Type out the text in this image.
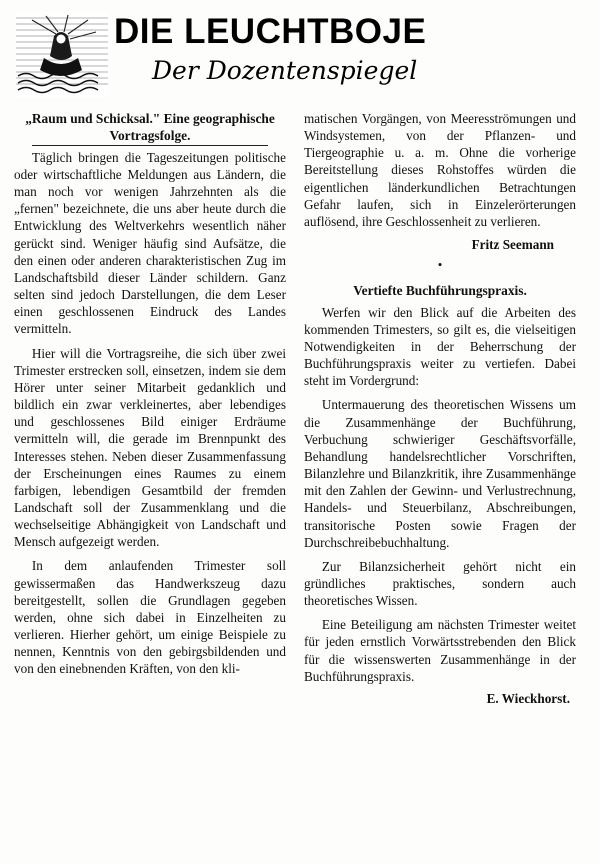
DIE LEUCHTBOJE
Der Dozentenspiegel
„Raum und Schicksal." Eine geographische Vortragsfolge.

Täglich bringen die Tageszeitungen politische oder wirtschaftliche Meldungen aus Ländern, die man noch vor wenigen Jahrzehnten als die „fernen" bezeichnete, die uns aber heute durch die Entwicklung des Weltverkehrs wesentlich näher gerückt sind. Weniger häufig sind Aufsätze, die den einen oder anderen charakteristischen Zug im Landschaftsbild dieser Länder schildern. Ganz selten sind jedoch Darstellungen, die dem Leser einen geschlossenen Eindruck des Landes vermitteln.

Hier will die Vortragsreihe, die sich über zwei Trimester erstrecken soll, einsetzen, indem sie dem Hörer unter seiner Mitarbeit gedanklich und bildlich ein zwar verkleinertes, aber lebendiges und geschlossenes Bild einiger Erdräume vermitteln will, die gerade im Brennpunkt des Interesses stehen. Neben dieser Zusammenfassung der Erscheinungen eines Raumes zu einem farbigen, lebendigen Gesamtbild der fremden Landschaft soll der Zusammenklang und die wechselseitige Abhängigkeit von Landschaft und Mensch aufgezeigt werden.

In dem anlaufenden Trimester soll gewissermaßen das Handwerkszeug dazu bereitgestellt, sollen die Grundlagen gegeben werden, ohne sich dabei in Einzelheiten zu verlieren. Hierher gehört, um einige Beispiele zu nennen, Kenntnis von den gebirgsbildenden und von den einebnenden Kräften, von den kli-

matischen Vorgängen, von Meeresströmungen und Windsystemen, von der Pflanzen- und Tiergeographie u. a. m. Ohne die vorherige Bereitstellung dieses Rohstoffes würden die eigentlichen länderkundlichen Betrachtungen Gefahr laufen, sich in Einzelerörterungen auflösend, ihre Geschlossenheit zu verlieren.

Fritz Seemann

•
Vertiefte Buchführungspraxis.

Werfen wir den Blick auf die Arbeiten des kommenden Trimesters, so gilt es, die vielseitigen Notwendigkeiten in der Beherrschung der Buchführungspraxis weiter zu vertiefen. Dabei steht im Vordergrund:

Untermauerung des theoretischen Wissens um die Zusammenhänge der Buchführung, Verbuchung schwieriger Geschäftsvorfälle, Behandlung handelsrechtlicher Vorschriften, Bilanzlehre und Bilanzkritik, ihre Zusammenhänge mit den Zahlen der Gewinn- und Verlustrechnung, Handels- und Steuerbilanz, Abschreibungen, transitorische Posten sowie Fragen der Durchschreibebuchhaltung.

Zur Bilanzsicherheit gehört nicht ein gründliches praktisches, sondern auch theoretisches Wissen.

Eine Beteiligung am nächsten Trimester weitet für jeden ernstlich Vorwärtsstrebenden den Blick für die wissenswerten Zusammenhänge in der Buchführungspraxis.

E. Wieckhorst.
